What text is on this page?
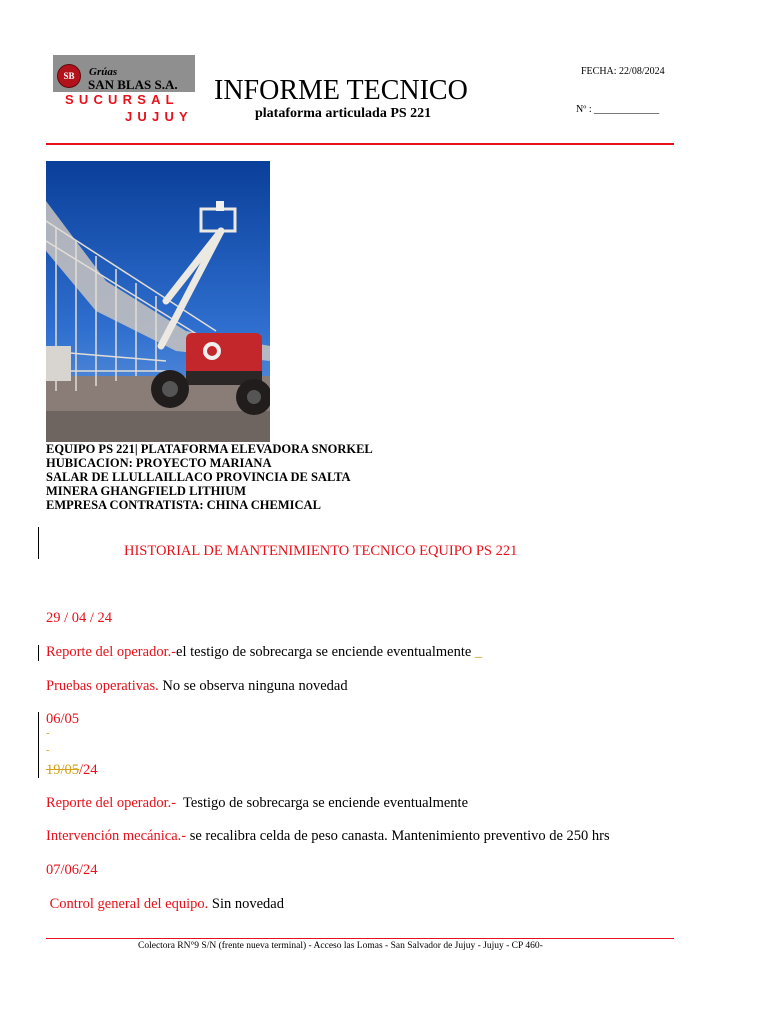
SB	Grúas
SAN BLAS S.A.
SUCURSAL
JUJUY
INFORME TECNICO
plataforma articulada PS 221
FECHA: 22/08/2024
Nº : _____________
EQUIPO PS 221| PLATAFORMA ELEVADORA SNORKEL
HUBICACION: PROYECTO MARIANA
SALAR DE LLULLAILLACO PROVINCIA DE SALTA
MINERA GHANGFIELD LITHIUM
EMPRESA CONTRATISTA: CHINA CHEMICAL
HISTORIAL DE MANTENIMIENTO TECNICO EQUIPO PS 221
29 / 04 / 24
Reporte del operador.-el testigo de sobrecarga se enciende eventualmente _
Pruebas operativas. No se observa ninguna novedad
06/05
-
-
19/05/24
Reporte del operador.-  Testigo de sobrecarga se enciende eventualmente
Intervención mecánica.- se recalibra celda de peso canasta. Mantenimiento preventivo de 250 hrs
07/06/24
Control general del equipo. Sin novedad
Colectora RN°9 S/N (frente nueva terminal) - Acceso las Lomas - San Salvador de Jujuy - Jujuy - CP 460-
